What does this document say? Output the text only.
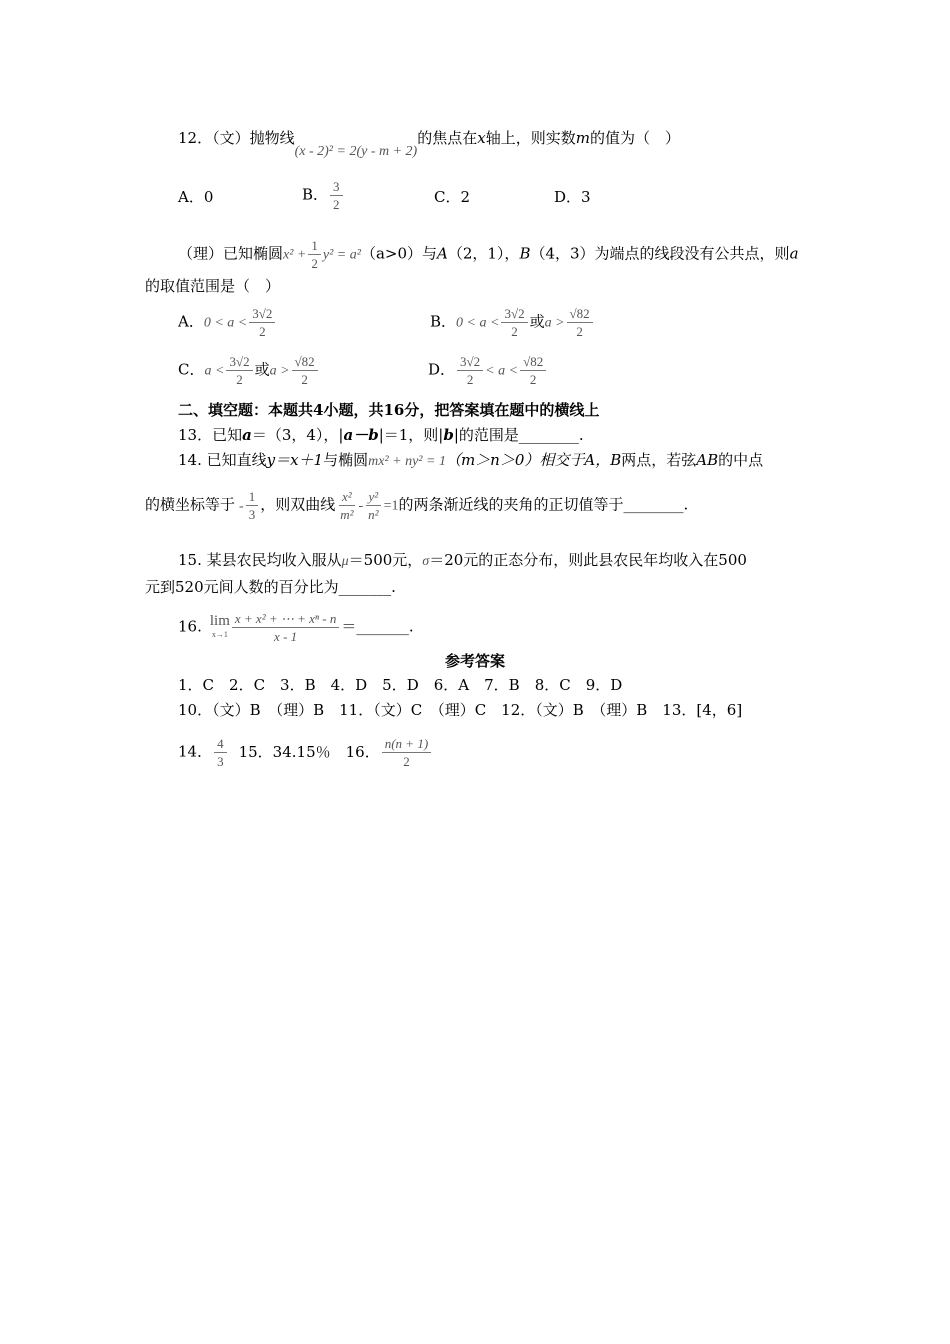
12．（文）抛物线(x - 2)² = 2(y - m + 2)的焦点在x轴上，则实数m的值为（　）
A．0	B． $\frac{3}{2}$	C．2	D．3
（理）已知椭圆$x^2 + \frac{1}{2} y^2 = a^2(a>0)$与A（2，1），B（4，3）为端点的线段没有公共点，则a
的取值范围是（　）
A．$0 < a < \frac{3√2}{2}$	B．$0 < a < \frac{3√2}{2}$ 或$a > \frac{√82}{2}$
C．$a < \frac{3√2}{2}$ 或$a > \frac{√82}{2}$	D． $\frac{3√2}{2} < a < \frac{√82}{2}$
二、填空题：本题共4小题，共16分，把答案填在题中的横线上
13．已知a＝（3，4），|a－b|＝1，则|b|的范围是________.
14. 已知直线y＝x＋1与椭圆mx² + ny² = 1（m＞n＞0）相交于A，B两点，若弦AB的中点
的横坐标等于 - $\frac{1}{3}$ ，则双曲线 $\frac{\text{x²}}{\text{m²}} - \frac{\text{y²}}{\text{n²}} =1$的两条渐近线的夹角的正切值等于________.
15. 某县农民均收入服从μ＝500元，σ＝20元的正态分布，则此县农民年均收入在500
元到520元间人数的百分比为_______.
16. lim
$x\to 1 \frac{\text{x + x² + ⋯ + xⁿ - n}}{x - 1}$ ＝_______.
参考答案
1．C　2．C　3．B　4．D　5．D　6．A　7．B　8．C　9．D
10．（文）B　（理）B　11．（文）C　（理）C　12．（文）B　（理）B　13．[4，6]
14． $\frac{4}{3} 15$．34.15％　16． $\frac{n(n + 1)}{2}$
